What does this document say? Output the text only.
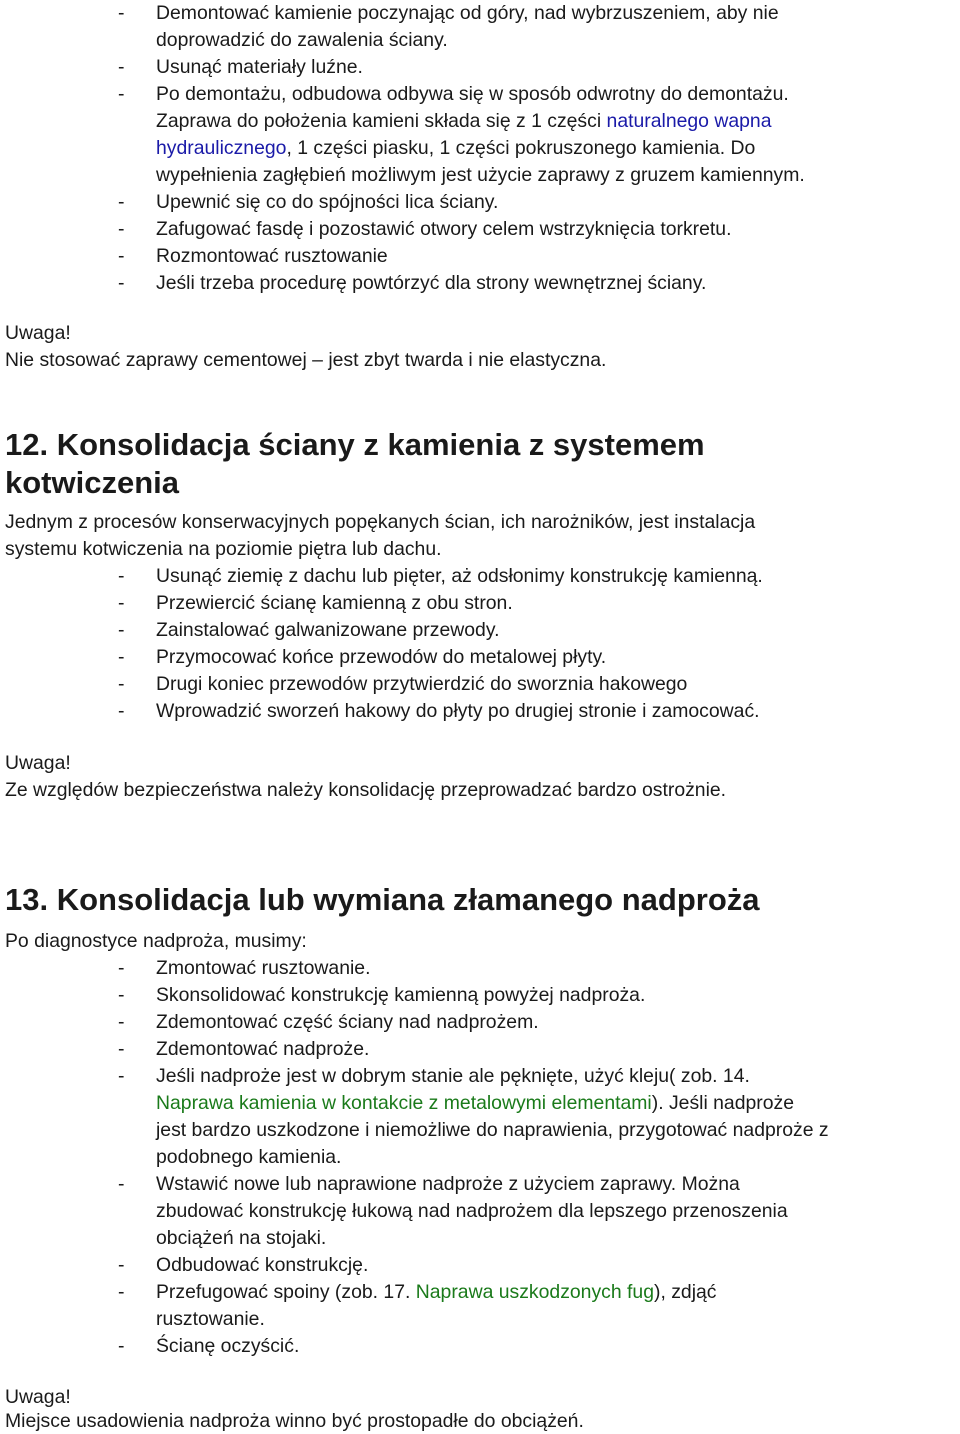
- Demontować kamienie poczynając od góry, nad wybrzuszeniem, aby nie
doprowadzić do zawalenia ściany.
- Usunąć materiały luźne.
- Po demontażu, odbudowa odbywa się w sposób odwrotny do demontażu.
Zaprawa do położenia kamieni składa się z 1 części naturalnego wapna
hydraulicznego, 1 części piasku, 1 części pokruszonego kamienia. Do
wypełnienia zagłębień możliwym jest użycie zaprawy z gruzem kamiennym.
- Upewnić się co do spójności lica ściany.
- Zafugować fasdę i pozostawić otwory celem wstrzyknięcia torkretu.
- Rozmontować rusztowanie
- Jeśli trzeba procedurę powtórzyć dla strony wewnętrznej ściany.
Uwaga!
Nie stosować zaprawy cementowej – jest zbyt twarda i nie elastyczna.
12. Konsolidacja ściany z kamienia z systemem
kotwiczenia
Jednym z procesów konserwacyjnych popękanych ścian, ich narożników, jest instalacja
systemu kotwiczenia na poziomie piętra lub dachu.
- Usunąć ziemię z dachu lub pięter, aż odsłonimy konstrukcję kamienną.
- Przewiercić ścianę kamienną z obu stron.
- Zainstalować galwanizowane przewody.
- Przymocować końce przewodów do metalowej płyty.
- Drugi koniec przewodów przytwierdzić do sworznia hakowego
- Wprowadzić sworzeń hakowy do płyty po drugiej stronie i zamocować.
Uwaga!
Ze względów bezpieczeństwa należy konsolidację przeprowadzać bardzo ostrożnie.
13. Konsolidacja lub wymiana złamanego nadproża
Po diagnostyce nadproża, musimy:
- Zmontować rusztowanie.
- Skonsolidować konstrukcję kamienną powyżej nadproża.
- Zdemontować część ściany nad nadprożem.
- Zdemontować nadproże.
- Jeśli nadproże jest w dobrym stanie ale pęknięte, użyć kleju( zob. 14.
Naprawa kamienia w kontakcie z metalowymi elementami). Jeśli nadproże
jest bardzo uszkodzone i niemożliwe do naprawienia, przygotować nadproże z
podobnego kamienia.
- Wstawić nowe lub naprawione nadproże z użyciem zaprawy. Można
zbudować konstrukcję łukową nad nadprożem dla lepszego przenoszenia
obciążeń na stojaki.
- Odbudować konstrukcję.
- Przefugować spoiny (zob. 17. Naprawa uszkodzonych fug), zdjąć
rusztowanie.
- Ścianę oczyścić.
Uwaga!
Miejsce usadowienia nadproża winno być prostopadłe do obciążeń.
